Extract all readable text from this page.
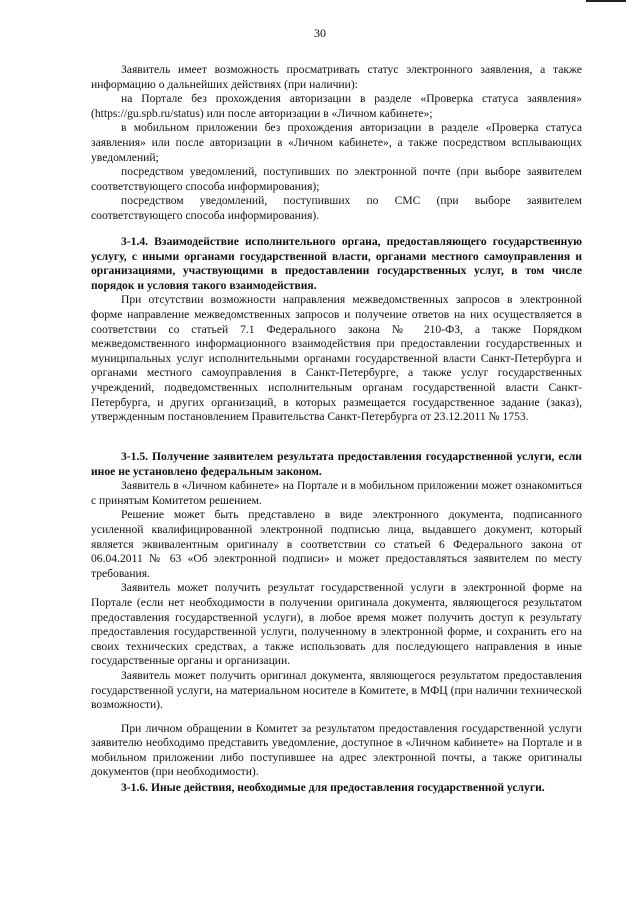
30

Заявитель имеет возможность просматривать статус электронного заявления, а также информацию о дальнейших действиях (при наличии):

на Портале без прохождения авторизации в разделе «Проверка статуса заявления» (https://gu.spb.ru/status) или после авторизации в «Личном кабинете»;

в мобильном приложении без прохождения авторизации в разделе «Проверка статуса заявления» или после авторизации в «Личном кабинете», а также посредством всплывающих уведомлений;

посредством уведомлений, поступивших по электронной почте (при выборе заявителем соответствующего способа информирования);

посредством уведомлений, поступивших по СМС (при выборе заявителем соответствующего способа информирования).

3-1.4. Взаимодействие исполнительного органа, предоставляющего государственную услугу, с иными органами государственной власти, органами местного самоуправления и организациями, участвующими в предоставлении государственных услуг, в том числе порядок и условия такого взаимодействия.

При отсутствии возможности направления межведомственных запросов в электронной форме направление межведомственных запросов и получение ответов на них осуществляется в соответствии со статьей 7.1 Федерального закона № 210-ФЗ, а также Порядком межведомственного информационного взаимодействия при предоставлении государственных и муниципальных услуг исполнительными органами государственной власти Санкт-Петербурга и органами местного самоуправления в Санкт-Петербурге, а также услуг государственных учреждений, подведомственных исполнительным органам государственной власти Санкт-Петербурга, и других организаций, в которых размещается государственное задание (заказ), утвержденным постановлением Правительства Санкт-Петербурга от 23.12.2011 № 1753.

3-1.5. Получение заявителем результата предоставления государственной услуги, если иное не установлено федеральным законом.

Заявитель в «Личном кабинете» на Портале и в мобильном приложении может ознакомиться с принятым Комитетом решением.

Решение может быть представлено в виде электронного документа, подписанного усиленной квалифицированной электронной подписью лица, выдавшего документ, который является эквивалентным оригиналу в соответствии со статьей 6 Федерального закона от 06.04.2011 № 63 «Об электронной подписи» и может предоставляться заявителем по месту требования.

Заявитель может получить результат государственной услуги в электронной форме на Портале (если нет необходимости в получении оригинала документа, являющегося результатом предоставления государственной услуги), в любое время может получить доступ к результату предоставления государственной услуги, полученному в электронной форме, и сохранить его на своих технических средствах, а также использовать для последующего направления в иные государственные органы и организации.

Заявитель может получить оригинал документа, являющегося результатом предоставления государственной услуги, на материальном носителе в Комитете, в МФЦ (при наличии технической возможности).

При личном обращении в Комитет за результатом предоставления государственной услуги заявителю необходимо представить уведомление, доступное в «Личном кабинете» на Портале и в мобильном приложении либо поступившее на адрес электронной почты, а также оригиналы документов (при необходимости).

3-1.6. Иные действия, необходимые для предоставления государственной услуги.
